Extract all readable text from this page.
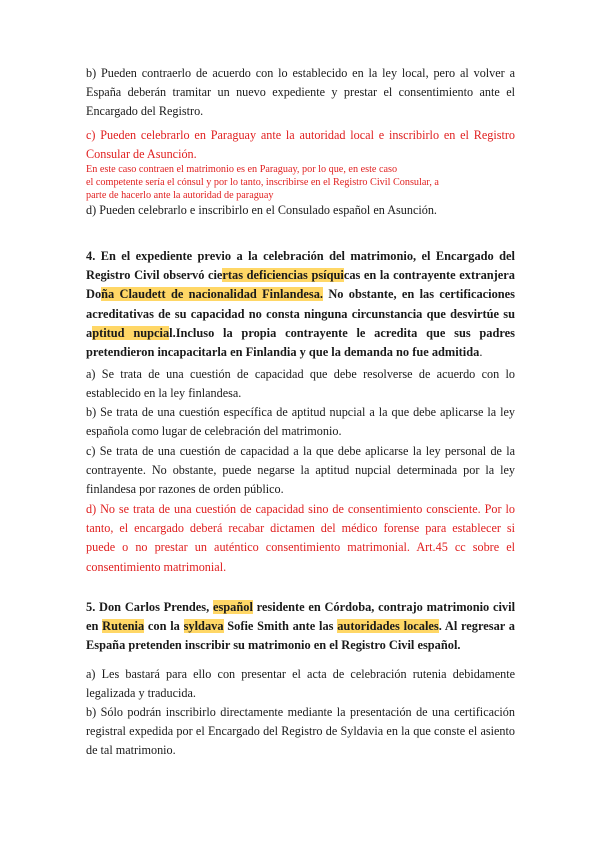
b) Pueden contraerlo de acuerdo con lo establecido en la ley local, pero al volver a España deberán tramitar un nuevo expediente y prestar el consentimiento ante el Encargado del Registro.

c) Pueden celebrarlo en Paraguay ante la autoridad local e inscribirlo en el Registro Consular de Asunción.

En este caso contraen el matrimonio es en Paraguay, por lo que, en este caso
el competente sería el cónsul y por lo tanto, inscribirse en el Registro Civil Consular, a
parte de hacerlo ante la autoridad de paraguay

d) Pueden celebrarlo e inscribirlo en el Consulado español en Asunción.

4. En el expediente previo a la celebración del matrimonio, el Encargado del Registro Civil observó ciertas deficiencias psíquicas en la contrayente extranjera Doña Claudett de nacionalidad Finlandesa. No obstante, en las certificaciones acreditativas de su capacidad no consta ninguna circunstancia que desvirtúe su aptitud nupcial.Incluso la propia contrayente le acredita que sus padres pretendieron incapacitarla en Finlandia y que la demanda no fue admitida.

a) Se trata de una cuestión de capacidad que debe resolverse de acuerdo con lo establecido en la ley finlandesa.

b) Se trata de una cuestión específica de aptitud nupcial a la que debe aplicarse la ley española como lugar de celebración del matrimonio.

c) Se trata de una cuestión de capacidad a la que debe aplicarse la ley personal de la contrayente. No obstante, puede negarse la aptitud nupcial determinada por la ley finlandesa por razones de orden público.

d) No se trata de una cuestión de capacidad sino de consentimiento consciente. Por lo tanto, el encargado deberá recabar dictamen del médico forense para establecer si puede o no prestar un auténtico consentimiento matrimonial. Art.45 cc sobre el consentimiento matrimonial.

5. Don Carlos Prendes, español residente en Córdoba, contrajo matrimonio civil en Rutenia con la syldava Sofie Smith ante las autoridades locales. Al regresar a España pretenden inscribir su matrimonio en el Registro Civil español.

a) Les bastará para ello con presentar el acta de celebración rutenia debidamente legalizada y traducida.

b) Sólo podrán inscribirlo directamente mediante la presentación de una certificación registral expedida por el Encargado del Registro de Syldavia en la que conste el asiento de tal matrimonio.
